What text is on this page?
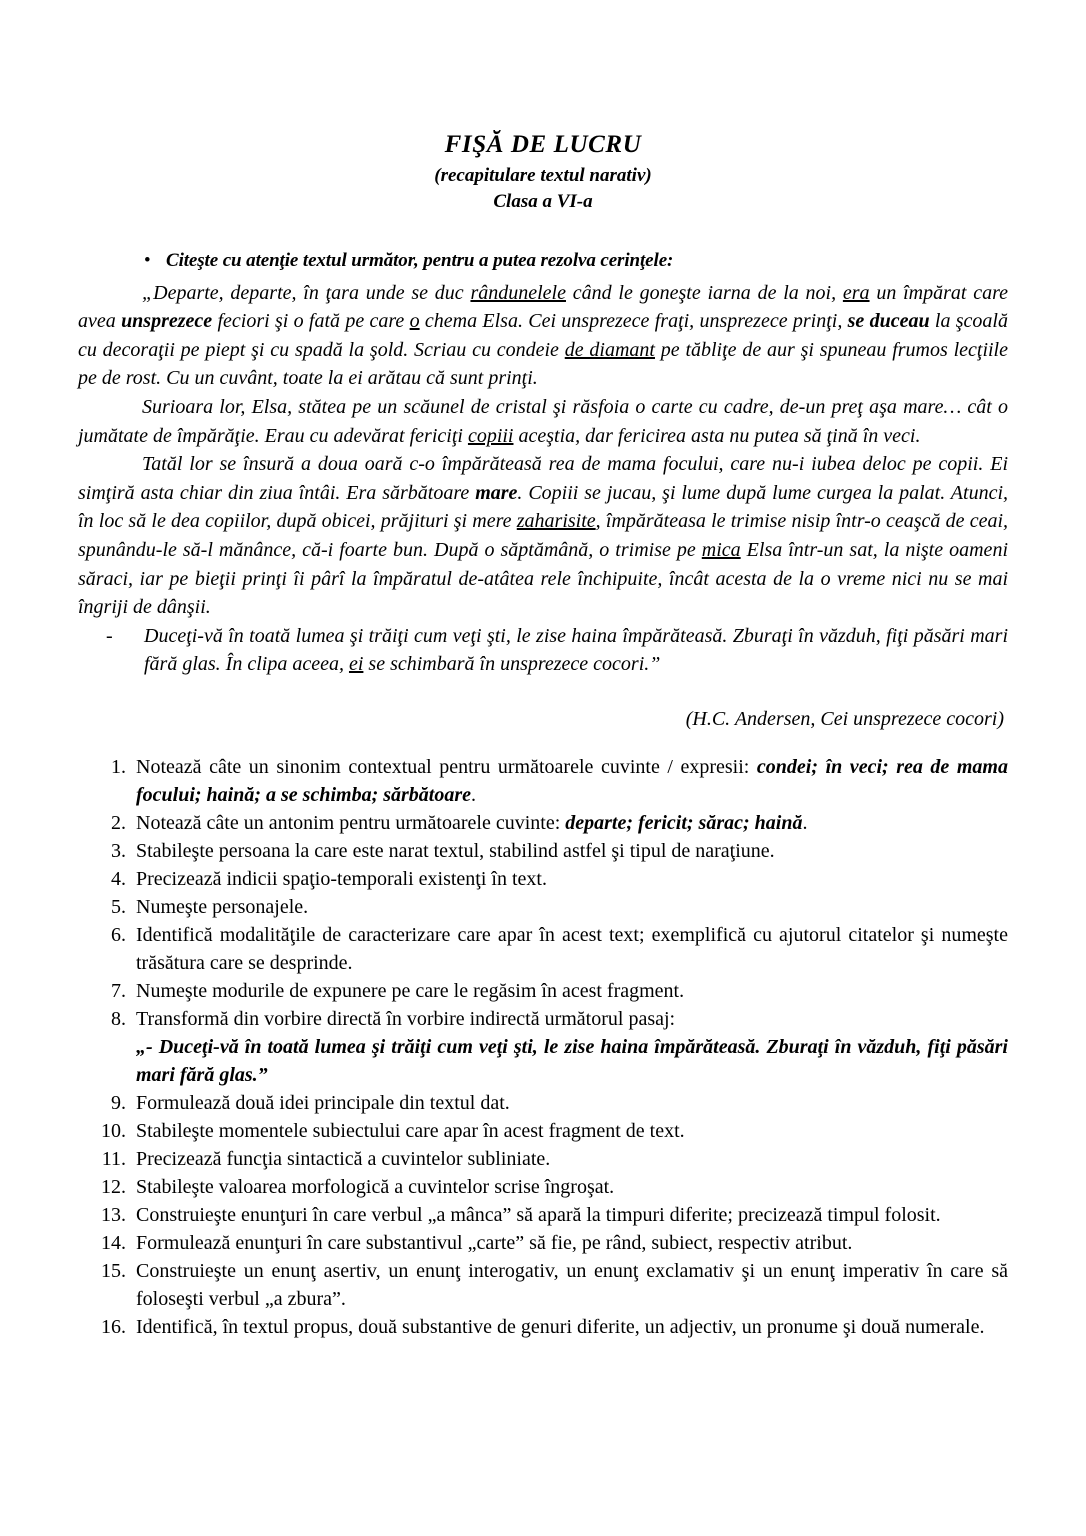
FIŞĂ DE LUCRU
(recapitulare textul narativ)
Clasa a VI-a
• Citeşte cu atenţie textul următor, pentru a putea rezolva cerinţele:

„Departe, departe, în ţara unde se duc rândunelele când le goneşte iarna de la noi, era un împărat care avea unsprezece feciori şi o fată pe care o chema Elsa. Cei unsprezece fraţi, unsprezece prinţi, se duceau la şcoală cu decoraţii pe piept şi cu spadă la şold. Scriau cu condeie de diamant pe tăbliţe de aur şi spuneau frumos lecţiile pe de rost. Cu un cuvânt, toate la ei arătau că sunt prinţi.

Surioara lor, Elsa, stătea pe un scăunel de cristal şi răsfoia o carte cu cadre, de-un preţ aşa mare… cât o jumătate de împărăţie. Erau cu adevărat fericiţi copiii aceştia, dar fericirea asta nu putea să ţină în veci.

Tatăl lor se însură a doua oară c-o împărăteasă rea de mama focului, care nu-i iubea deloc pe copii. Ei simţiră asta chiar din ziua întâi. Era sărbătoare mare. Copiii se jucau, şi lume după lume curgea la palat. Atunci, în loc să le dea copiilor, după obicei, prăjituri şi mere zaharisite, împărăteasa le trimise nisip într-o ceaşcă de ceai, spunându-le să-l mănânce, că-i foarte bun. După o săptămână, o trimise pe mica Elsa într-un sat, la nişte oameni săraci, iar pe bieţii prinţi îi pârî la împăratul de-atâtea rele închipuite, încât acesta de la o vreme nici nu se mai îngriji de dânşii.

-	Duceţi-vă în toată lumea şi trăiţi cum veţi şti, le zise haina împărăteasă. Zburaţi în văzduh, fiţi păsări mari fără glas. În clipa aceea, ei se schimbară în unsprezece cocori.”
(H.C. Andersen, Cei unsprezece cocori)
1. Notează câte un sinonim contextual pentru următoarele cuvinte / expresii: condei; în veci; rea de mama focului; haină; a se schimba; sărbătoare.
2. Notează câte un antonim pentru următoarele cuvinte: departe; fericit; sărac; haină.
3. Stabileşte persoana la care este narat textul, stabilind astfel şi tipul de naraţiune.
4. Precizează indicii spaţio-temporali existenţi în text.
5. Numeşte personajele.
6. Identifică modalităţile de caracterizare care apar în acest text; exemplifică cu ajutorul citatelor şi numeşte trăsătura care se desprinde.
7. Numeşte modurile de expunere pe care le regăsim în acest fragment.
8. Transformă din vorbire directă în vorbire indirectă următorul pasaj:
„- Duceţi-vă în toată lumea şi trăiţi cum veţi şti, le zise haina împărăteasă. Zburaţi în văzduh, fiţi păsări mari fără glas.”
9. Formulează două idei principale din textul dat.
10. Stabileşte momentele subiectului care apar în acest fragment de text.
11. Precizează funcţia sintactică a cuvintelor subliniate.
12. Stabileşte valoarea morfologică a cuvintelor scrise îngroşat.
13. Construieşte enunţuri în care verbul „a mânca” să apară la timpuri diferite; precizează timpul folosit.
14. Formulează enunţuri în care substantivul „carte” să fie, pe rând, subiect, respectiv atribut.
15. Construieşte un enunţ asertiv, un enunţ interogativ, un enunţ exclamativ şi un enunţ imperativ în care să foloseşti verbul „a zbura”.
16. Identifică, în textul propus, două substantive de genuri diferite, un adjectiv, un pronume şi două numerale.
